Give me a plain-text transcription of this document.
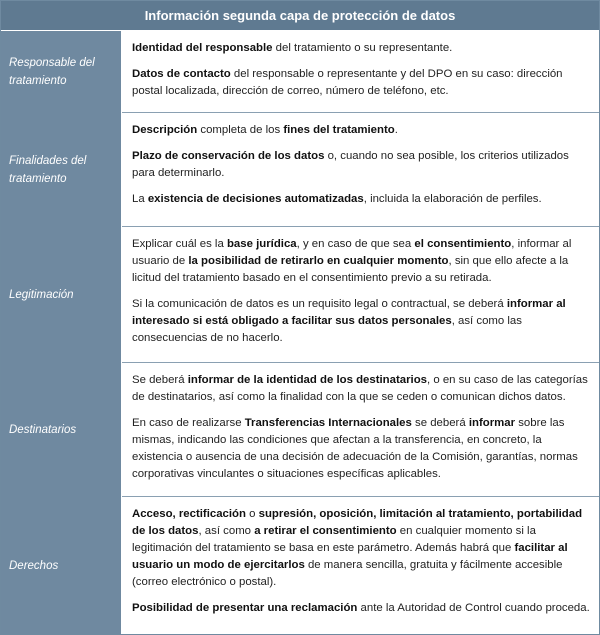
Información segunda capa de protección de datos
Responsable del tratamiento

Identidad del responsable del tratamiento o su representante.

Datos de contacto del responsable o representante y del DPO en su caso: dirección postal localizada, dirección de correo, número de teléfono, etc.

Finalidades del tratamiento

Descripción completa de los fines del tratamiento.

Plazo de conservación de los datos o, cuando no sea posible, los criterios utilizados para determinarlo.

La existencia de decisiones automatizadas, incluida la elaboración de perfiles.

Legitimación

Explicar cuál es la base jurídica, y en caso de que sea el consentimiento, informar al usuario de la posibilidad de retirarlo en cualquier momento, sin que ello afecte a la licitud del tratamiento basado en el consentimiento previo a su retirada.

Si la comunicación de datos es un requisito legal o contractual, se deberá informar al interesado si está obligado a facilitar sus datos personales, así como las consecuencias de no hacerlo.

Destinatarios

Se deberá informar de la identidad de los destinatarios, o en su caso de las categorías de destinatarios, así como la finalidad con la que se ceden o comunican dichos datos.

En caso de realizarse Transferencias Internacionales se deberá informar sobre las mismas, indicando las condiciones que afectan a la transferencia, en concreto, la existencia o ausencia de una decisión de adecuación de la Comisión, garantías, normas corporativas vinculantes o situaciones específicas aplicables.

Derechos

Acceso, rectificación o supresión, oposición, limitación al tratamiento, portabilidad de los datos, así como a retirar el consentimiento en cualquier momento si la legitimación del tratamiento se basa en este parámetro. Además habrá que facilitar al usuario un modo de ejercitarlos de manera sencilla, gratuita y fácilmente accesible (correo electrónico o postal).

Posibilidad de presentar una reclamación ante la Autoridad de Control cuando proceda.
